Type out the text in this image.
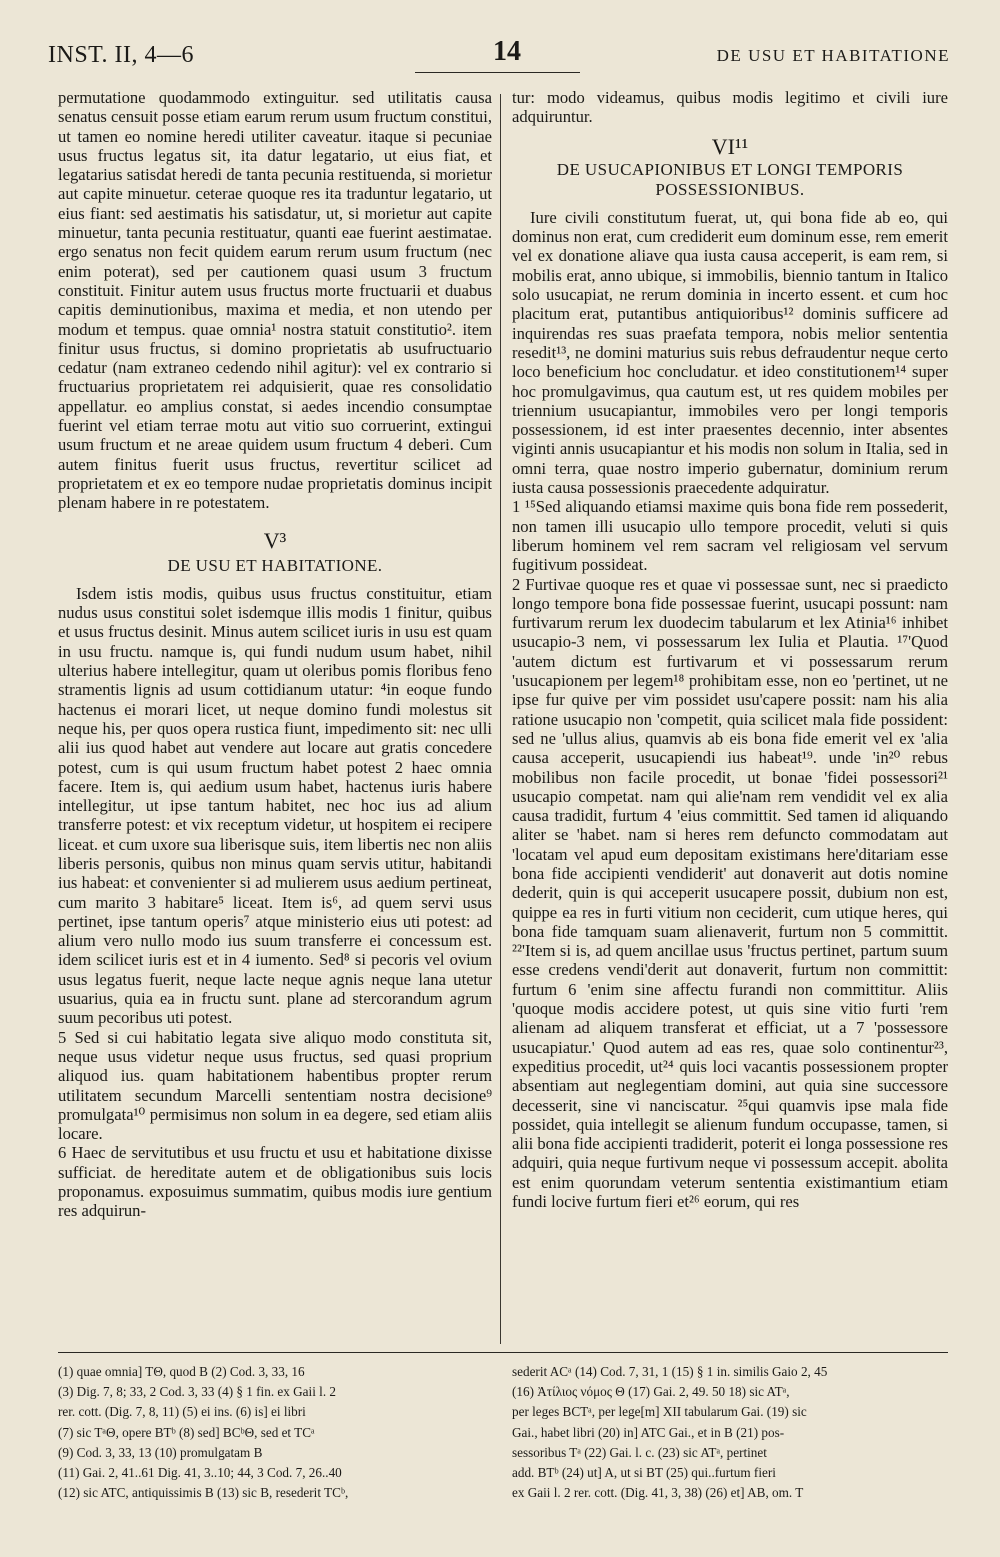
INST. II, 4—6	14	DE USU ET HABITATIONE

permutatione quodammodo extinguitur. sed utilitatis causa senatus censuit posse etiam earum rerum usum fructum constitui, ut tamen eo nomine heredi utiliter caveatur. itaque si pecuniae usus fructus legatus sit, ita datur legatario, ut eius fiat, et legatarius satisdat heredi de tanta pecunia restituenda, si morietur aut capite minuetur. ceterae quoque res ita traduntur legatario, ut eius fiant: sed aestimatis his satisdatur, ut, si morietur aut capite minuetur, tanta pecunia restituatur, quanti eae fuerint aestimatae. ergo senatus non fecit quidem earum rerum usum fructum (nec enim poterat), sed per cautionem quasi usum 3 fructum constituit. Finitur autem usus fructus morte fructuarii et duabus capitis deminutionibus, maxima et media, et non utendo per modum et tempus. quae omnia¹ nostra statuit constitutio². item finitur usus fructus, si domino proprietatis ab usufructuario cedatur (nam extraneo cedendo nihil agitur): vel ex contrario si fructuarius proprietatem rei adquisierit, quae res consolidatio appellatur. eo amplius constat, si aedes incendio consumptae fuerint vel etiam terrae motu aut vitio suo corruerint, extingui usum fructum et ne areae quidem usum fructum 4 deberi. Cum autem finitus fuerit usus fructus, revertitur scilicet ad proprietatem et ex eo tempore nudae proprietatis dominus incipit plenam habere in re potestatem.

V³
DE USU ET HABITATIONE.

Isdem istis modis, quibus usus fructus constituitur, etiam nudus usus constitui solet isdemque illis modis 1 finitur, quibus et usus fructus desinit. Minus autem scilicet iuris in usu est quam in usu fructu. namque is, qui fundi nudum usum habet, nihil ulterius habere intellegitur, quam ut oleribus pomis floribus feno stramentis lignis ad usum cottidianum utatur: ⁴in eoque fundo hactenus ei morari licet, ut neque domino fundi molestus sit neque his, per quos opera rustica fiunt, impedimento sit: nec ulli alii ius quod habet aut vendere aut locare aut gratis concedere potest, cum is qui usum fructum habet potest 2 haec omnia facere. Item is, qui aedium usum habet, hactenus iuris habere intellegitur, ut ipse tantum habitet, nec hoc ius ad alium transferre potest: et vix receptum videtur, ut hospitem ei recipere liceat. et cum uxore sua liberisque suis, item libertis nec non aliis liberis personis, quibus non minus quam servis utitur, habitandi ius habeat: et convenienter si ad mulierem usus aedium pertineat, cum marito 3 habitare⁵ liceat. Item is⁶, ad quem servi usus pertinet, ipse tantum operis⁷ atque ministerio eius uti potest: ad alium vero nullo modo ius suum transferre ei concessum est. idem scilicet iuris est et in 4 iumento. Sed⁸ si pecoris vel ovium usus legatus fuerit, neque lacte neque agnis neque lana utetur usuarius, quia ea in fructu sunt. plane ad stercorandum agrum suum pecoribus uti potest.

5 Sed si cui habitatio legata sive aliquo modo constituta sit, neque usus videtur neque usus fructus, sed quasi proprium aliquod ius. quam habitationem habentibus propter rerum utilitatem secundum Marcelli sententiam nostra decisione⁹ promulgata¹⁰ permisimus non solum in ea degere, sed etiam aliis locare.

6 Haec de servitutibus et usu fructu et usu et habitatione dixisse sufficiat. de hereditate autem et de obligationibus suis locis proponamus. exposuimus summatim, quibus modis iure gentium res adquirun-

tur: modo videamus, quibus modis legitimo et civili iure adquiruntur.

VI¹¹
DE USUCAPIONIBUS ET LONGI TEMPORIS POSSESSIONIBUS.

Iure civili constitutum fuerat, ut, qui bona fide ab eo, qui dominus non erat, cum crediderit eum dominum esse, rem emerit vel ex donatione aliave qua iusta causa acceperit, is eam rem, si mobilis erat, anno ubique, si immobilis, biennio tantum in Italico solo usucapiat, ne rerum dominia in incerto essent. et cum hoc placitum erat, putantibus antiquioribus¹² dominis sufficere ad inquirendas res suas praefata tempora, nobis melior sententia resedit¹³, ne domini maturius suis rebus defraudentur neque certo loco beneficium hoc concludatur. et ideo constitutionem¹⁴ super hoc promulgavimus, qua cautum est, ut res quidem mobiles per triennium usucapiantur, immobiles vero per longi temporis possessionem, id est inter praesentes decennio, inter absentes viginti annis usucapiantur et his modis non solum in Italia, sed in omni terra, quae nostro imperio gubernatur, dominium rerum iusta causa possessionis praecedente adquiratur.

1 ¹⁵Sed aliquando etiamsi maxime quis bona fide rem possederit, non tamen illi usucapio ullo tempore procedit, veluti si quis liberum hominem vel rem sacram vel religiosam vel servum fugitivum possideat.

2 Furtivae quoque res et quae vi possessae sunt, nec si praedicto longo tempore bona fide possessae fuerint, usucapi possunt: nam furtivarum rerum lex duodecim tabularum et lex Atinia¹⁶ inhibet usucapio-3 nem, vi possessarum lex Iulia et Plautia. ¹⁷'Quod 'autem dictum est furtivarum et vi possessarum rerum 'usucapionem per legem¹⁸ prohibitam esse, non eo 'pertinet, ut ne ipse fur quive per vim possidet usu'capere possit: nam his alia ratione usucapio non 'competit, quia scilicet mala fide possident: sed ne 'ullus alius, quamvis ab eis bona fide emerit vel ex 'alia causa acceperit, usucapiendi ius habeat¹⁹. unde 'in²⁰ rebus mobilibus non facile procedit, ut bonae 'fidei possessori²¹ usucapio competat. nam qui alie'nam rem vendidit vel ex alia causa tradidit, furtum 4 'eius committit. Sed tamen id aliquando aliter se 'habet. nam si heres rem defuncto commodatam aut 'locatam vel apud eum depositam existimans here'ditariam esse bona fide accipienti vendiderit' aut donaverit aut dotis nomine dederit, quin is qui acceperit usucapere possit, dubium non est, quippe ea res in furti vitium non ceciderit, cum utique heres, qui bona fide tamquam suam alienaverit, furtum non 5 committit. ²²'Item si is, ad quem ancillae usus 'fructus pertinet, partum suum esse credens vendi'derit aut donaverit, furtum non committit: furtum 6 'enim sine affectu furandi non committitur. Aliis 'quoque modis accidere potest, ut quis sine vitio furti 'rem alienam ad aliquem transferat et efficiat, ut a 7 'possessore usucapiatur.' Quod autem ad eas res, quae solo continentur²³, expeditius procedit, ut²⁴ quis loci vacantis possessionem propter absentiam aut neglegentiam domini, aut quia sine successore decesserit, sine vi nanciscatur. ²⁵qui quamvis ipse mala fide possidet, quia intellegit se alienum fundum occupasse, tamen, si alii bona fide accipienti tradiderit, poterit ei longa possessione res adquiri, quia neque furtivum neque vi possessum accepit. abolita est enim quorundam veterum sententia existimantium etiam fundi locive furtum fieri et²⁶ eorum, qui res

(1) quae omnia] TΘ, quod B (2) Cod. 3, 33, 16

(3) Dig. 7, 8; 33, 2 Cod. 3, 33 (4) § 1 fin. ex Gaii l. 2

rer. cott. (Dig. 7, 8, 11) (5) ei ins. (6) is] ei libri

(7) sic TᵃΘ, opere BTᵇ (8) sed] BCᵇΘ, sed et TCᵃ

(9) Cod. 3, 33, 13 (10) promulgatam B

(11) Gai. 2, 41..61 Dig. 41, 3..10; 44, 3 Cod. 7, 26..40

(12) sic ATC, antiquissimis B (13) sic B, resederit TCᵇ,

sederit ACᵃ (14) Cod. 7, 31, 1 (15) § 1 in. similis Gaio 2, 45

(16) Ἀτίλιος νόμος Θ (17) Gai. 2, 49. 50 18) sic ATᵃ,

per leges BCTᵃ, per lege[m] XII tabularum Gai. (19) sic

Gai., habet libri (20) in] ATC Gai., et in B (21) pos-

sessoribus Tᵃ (22) Gai. l. c. (23) sic ATᵃ, pertinet

add. BTᵇ (24) ut] A, ut si BT (25) qui..furtum fieri

ex Gaii l. 2 rer. cott. (Dig. 41, 3, 38) (26) et] AB, om. T
